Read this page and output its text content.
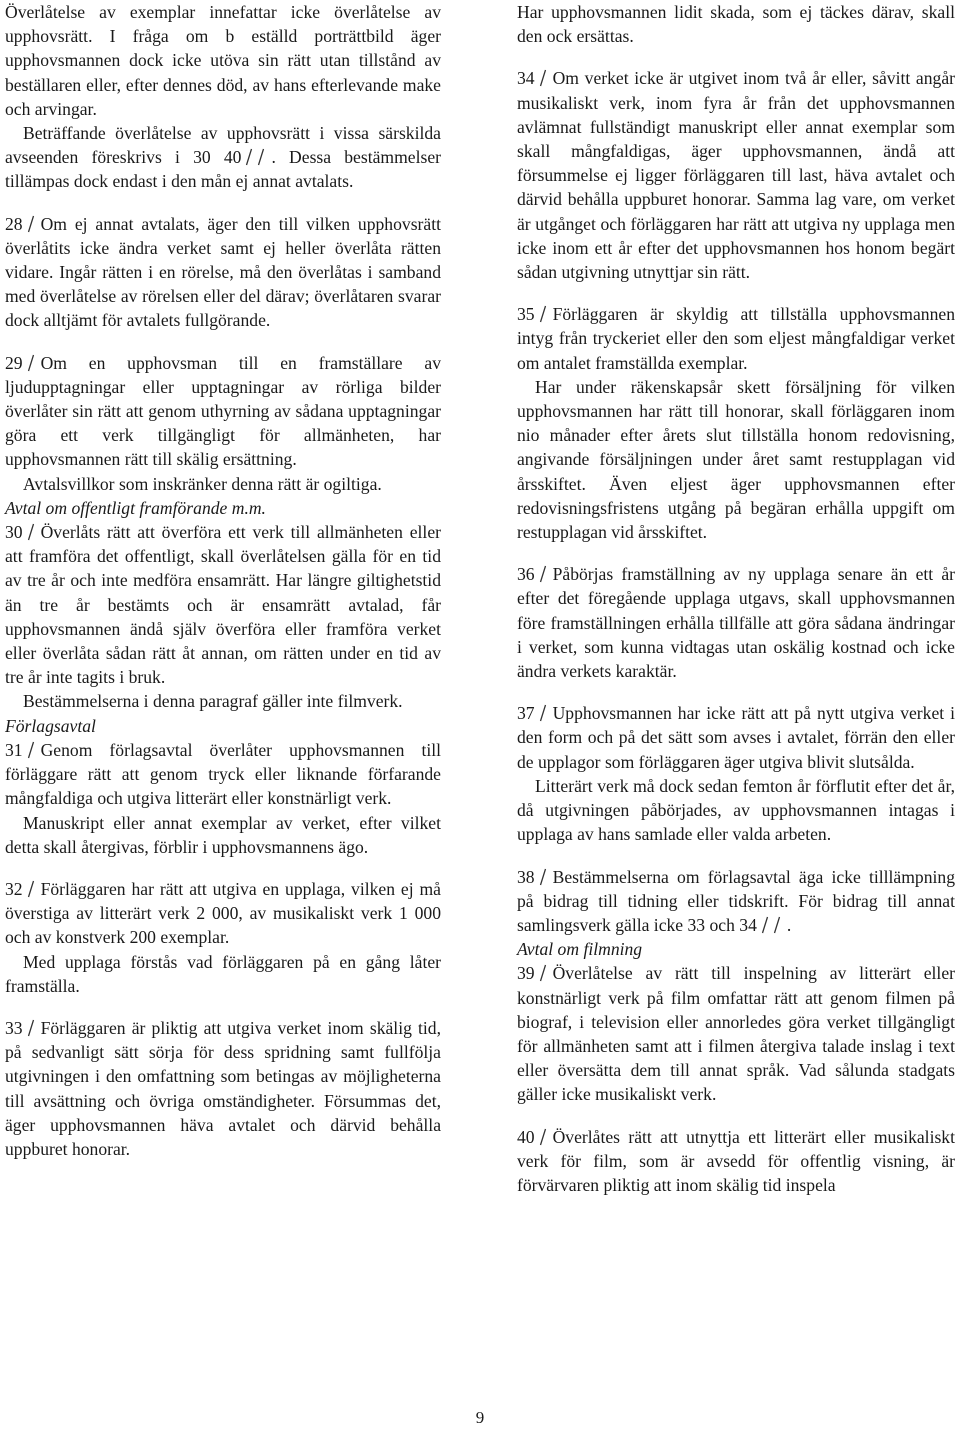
Överlåtelse av exemplar innefattar icke överlåtelse av upphovsrätt. I fråga om b eställd porträttbild äger upphovsmannen dock icke utöva sin rätt utan tillstånd av beställaren eller, efter dennes död, av hans efterlevande make och arvingar.

Beträffande överlåtelse av upphovsrätt i vissa särskilda avseenden föreskrivs i 30 40 . Dessa bestämmelser tillämpas dock endast i den mån ej annat avtalats.

28 Om ej annat avtalats, äger den till vilken upphovsrätt överlåtits icke ändra verket samt ej heller överlåta rätten vidare. Ingår rätten i en rörelse, må den överlåtas i samband med överlåtelse av rörelsen eller del därav; överlåtaren svarar dock alltjämt för avtalets fullgörande.

29 Om en upphovsman till en framställare av ljudupptagningar eller upptagningar av rörliga bilder överlåter sin rätt att genom uthyrning av sådana upptagningar göra ett verk tillgängligt för allmänheten, har upphovsmannen rätt till skälig ersättning.

Avtalsvillkor som inskränker denna rätt är ogiltiga.

Avtal om offentligt framförande m.m.

30 Överlåts rätt att överföra ett verk till allmänheten eller att framföra det offentligt, skall överlåtelsen gälla för en tid av tre år och inte medföra ensamrätt. Har längre giltighetstid än tre år bestämts och är ensamrätt avtalad, får upphovsmannen ändå själv överföra eller framföra verket eller överlåta sådan rätt åt annan, om rätten under en tid av tre år inte tagits i bruk.

Bestämmelserna i denna paragraf gäller inte filmverk.

Förlagsavtal

31 Genom förlagsavtal överlåter upphovsmannen till förläggare rätt att genom tryck eller liknande förfarande mångfaldiga och utgiva litterärt eller konstnärligt verk.

Manuskript eller annat exemplar av verket, efter vilket detta skall återgivas, förblir i upphovsmannens ägo.

32 Förläggaren har rätt att utgiva en upplaga, vilken ej må överstiga av litterärt verk 2 000, av musikaliskt verk 1 000 och av konstverk 200 exemplar.

Med upplaga förstås vad förläggaren på en gång låter framställa.

33 Förläggaren är pliktig att utgiva verket inom skälig tid, på sedvanligt sätt sörja för dess spridning samt fullfölja utgivningen i den omfattning som betingas av möjligheterna till avsättning och övriga omständigheter. Försummas det, äger upphovsmannen häva avtalet och därvid behålla uppburet honorar.

Har upphovsmannen lidit skada, som ej täckes därav, skall den ock ersättas.

34 Om verket icke är utgivet inom två år eller, såvitt angår musikaliskt verk, inom fyra år från det upphovsmannen avlämnat fullständigt manuskript eller annat exemplar som skall mångfaldigas, äger upphovsmannen, ändå att försummelse ej ligger förläggaren till last, häva avtalet och därvid behålla uppburet honorar. Samma lag vare, om verket är utgånget och förläggaren har rätt att utgiva ny upplaga men icke inom ett år efter det upphovsmannen hos honom begärt sådan utgivning utnyttjar sin rätt.

35 Förläggaren är skyldig att tillställa upphovsmannen intyg från tryckeriet eller den som eljest mångfaldigar verket om antalet framställda exemplar.

Har under räkenskapsår skett försäljning för vilken upphovsmannen har rätt till honorar, skall förläggaren inom nio månader efter årets slut tillställa honom redovisning, angivande försäljningen under året samt restupplagan vid årsskiftet. Även eljest äger upphovsmannen efter redovisningsfristens utgång på begäran erhålla uppgift om restupplagan vid årsskiftet.

36 Påbörjas framställning av ny upplaga senare än ett år efter det föregående upplaga utgavs, skall upphovsmannen före framställningen erhålla tillfälle att göra sådana ändringar i verket, som kunna vidtagas utan oskälig kostnad och icke ändra verkets karaktär.

37 Upphovsmannen har icke rätt att på nytt utgiva verket i den form och på det sätt som avses i avtalet, förrän den eller de upplagor som förläggaren äger utgiva blivit slutsålda.

Litterärt verk må dock sedan femton år förflutit efter det år, då utgivningen påbörjades, av upphovsmannen intagas i upplaga av hans samlade eller valda arbeten.

38 Bestämmelserna om förlagsavtal äga icke tilllämpning på bidrag till tidning eller tidskrift. För bidrag till annat samlingsverk gälla icke 33 och 34 .

Avtal om filmning

39 Överlåtelse av rätt till inspelning av litterärt eller konstnärligt verk på film omfattar rätt att genom filmen på biograf, i television eller annorledes göra verket tillgängligt för allmänheten samt att i filmen återgiva talade inslag i text eller översätta dem till annat språk. Vad sålunda stadgats gäller icke musikaliskt verk.

40 Överlåtes rätt att utnyttja ett litterärt eller musikaliskt verk för film, som är avsedd för offentlig visning, är förvärvaren pliktig att inom skälig tid inspela

9
